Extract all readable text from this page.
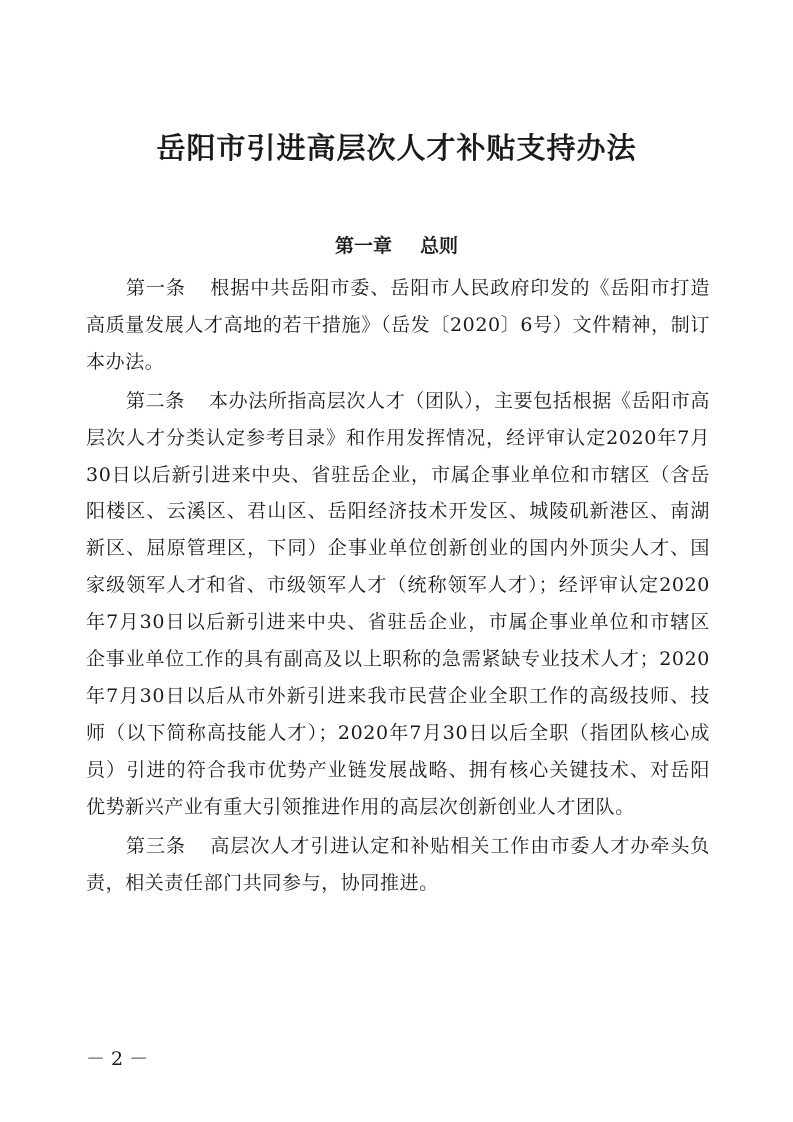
岳阳市引进高层次人才补贴支持办法
第一章 总则

第一条 根据中共岳阳市委、岳阳市人民政府印发的《岳阳市打造高质量发展人才高地的若干措施》（岳发〔2020〕6号）文件精神，制订本办法。

第二条 本办法所指高层次人才（团队），主要包括根据《岳阳市高层次人才分类认定参考目录》和作用发挥情况，经评审认定2020年7月30日以后新引进来中央、省驻岳企业，市属企事业单位和市辖区（含岳阳楼区、云溪区、君山区、岳阳经济技术开发区、城陵矶新港区、南湖新区、屈原管理区，下同）企事业单位创新创业的国内外顶尖人才、国家级领军人才和省、市级领军人才（统称领军人才）；经评审认定2020年7月30日以后新引进来中央、省驻岳企业，市属企事业单位和市辖区企事业单位工作的具有副高及以上职称的急需紧缺专业技术人才；2020年7月30日以后从市外新引进来我市民营企业全职工作的高级技师、技师（以下简称高技能人才）；2020年7月30日以后全职（指团队核心成员）引进的符合我市优势产业链发展战略、拥有核心关键技术、对岳阳优势新兴产业有重大引领推进作用的高层次创新创业人才团队。

第三条 高层次人才引进认定和补贴相关工作由市委人才办牵头负责，相关责任部门共同参与，协同推进。

－ 2 －
